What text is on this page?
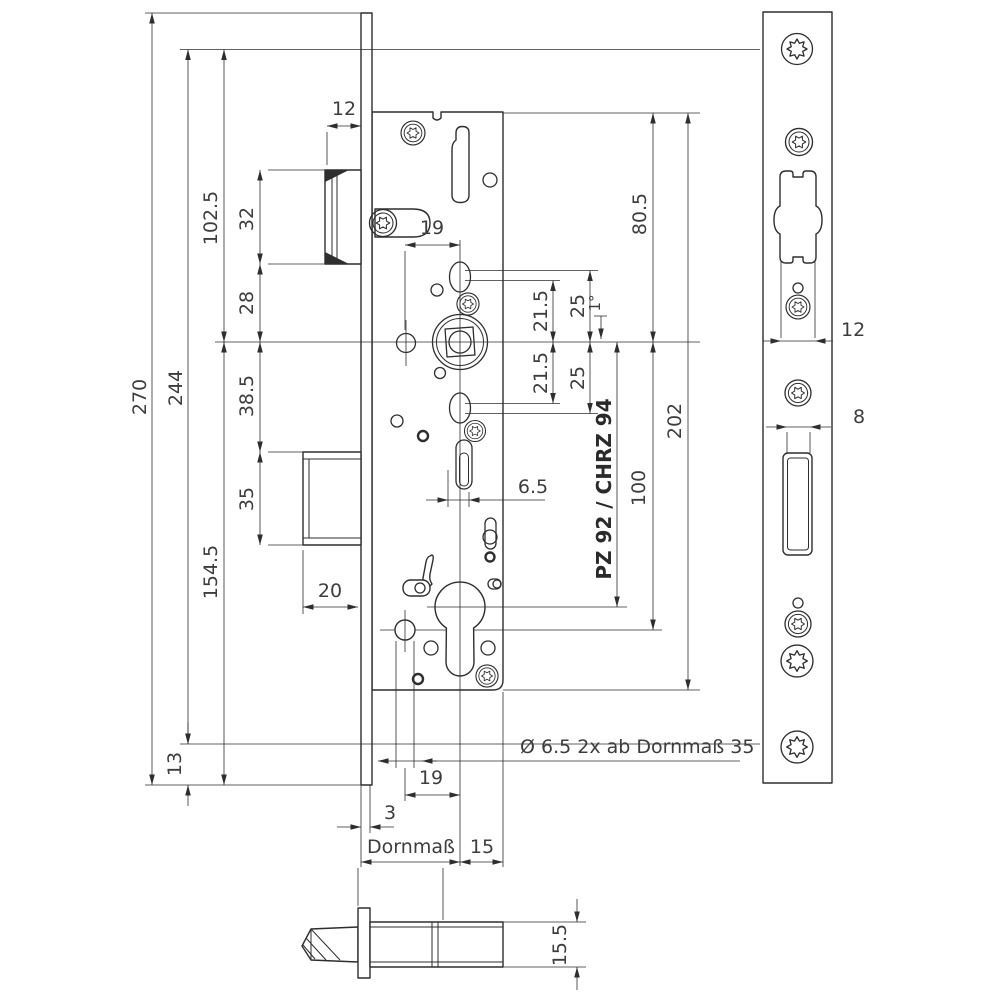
270 244
102.5
154.5
13
32
28
38.5
35
20
12
19
21.5 25
21.5 25
1°
6.5
80.5
100
PZ 92 / CHRZ 94	202
Ø 6.5 2x ab Dornmaß 35
19
3
Dornmaß 15
12
8
15.5
